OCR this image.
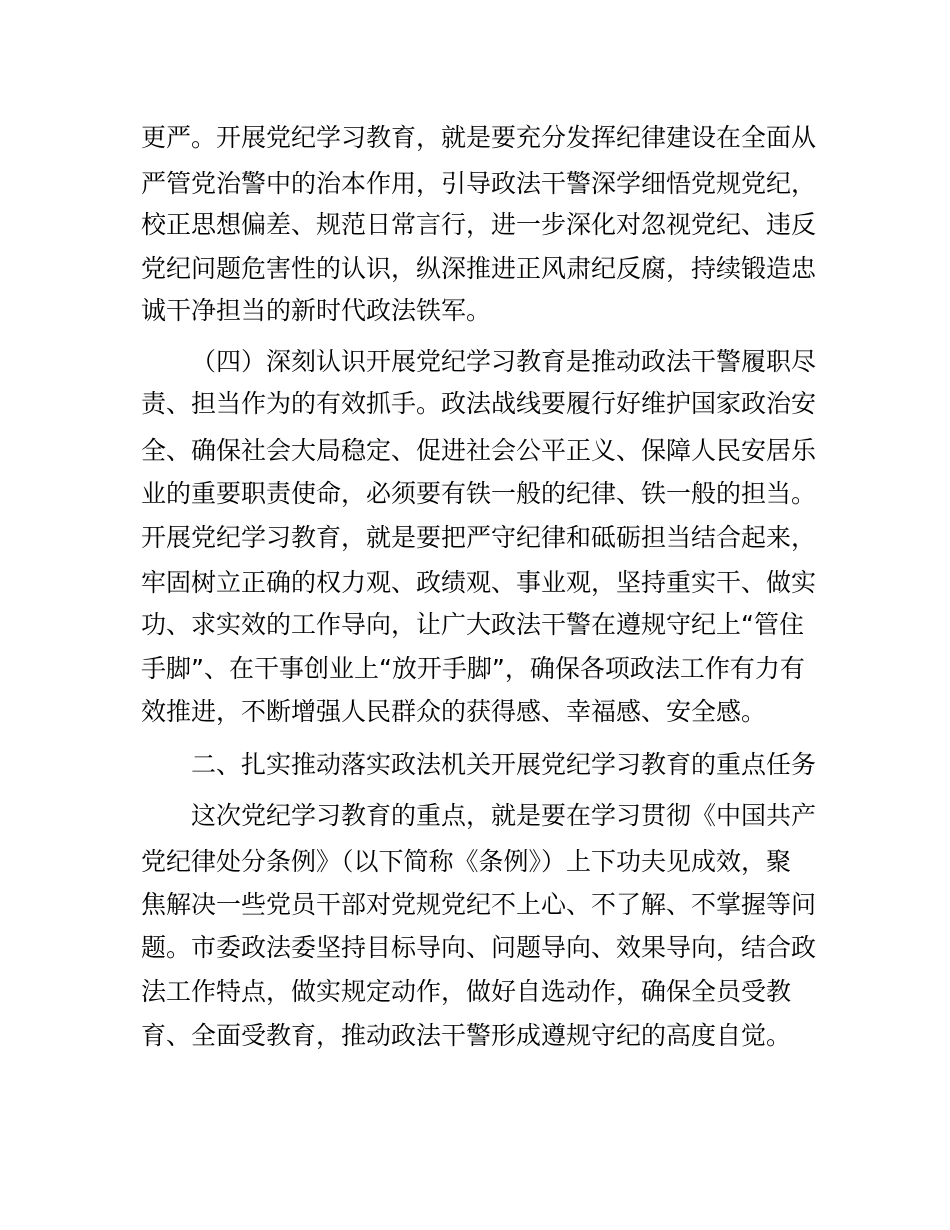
更严。开展党纪学习教育，就是要充分发挥纪律建设在全面从
严管党治警中的治本作用，引导政法干警深学细悟党规党纪，
校正思想偏差、规范日常言行，进一步深化对忽视党纪、违反
党纪问题危害性的认识，纵深推进正风肃纪反腐，持续锻造忠
诚干净担当的新时代政法铁军。
（四）深刻认识开展党纪学习教育是推动政法干警履职尽
责、担当作为的有效抓手。政法战线要履行好维护国家政治安
全、确保社会大局稳定、促进社会公平正义、保障人民安居乐
业的重要职责使命，必须要有铁一般的纪律、铁一般的担当。
开展党纪学习教育，就是要把严守纪律和砥砺担当结合起来，
牢固树立正确的权力观、政绩观、事业观，坚持重实干、做实
功、求实效的工作导向，让广大政法干警在遵规守纪上“管住
手脚”、在干事创业上“放开手脚”，确保各项政法工作有力有
效推进，不断增强人民群众的获得感、幸福感、安全感。
二、扎实推动落实政法机关开展党纪学习教育的重点任务
这次党纪学习教育的重点，就是要在学习贯彻《中国共产
党纪律处分条例》（以下简称《条例》）上下功夫见成效，聚
焦解决一些党员干部对党规党纪不上心、不了解、不掌握等问
题。市委政法委坚持目标导向、问题导向、效果导向，结合政
法工作特点，做实规定动作，做好自选动作，确保全员受教
育、全面受教育，推动政法干警形成遵规守纪的高度自觉。
